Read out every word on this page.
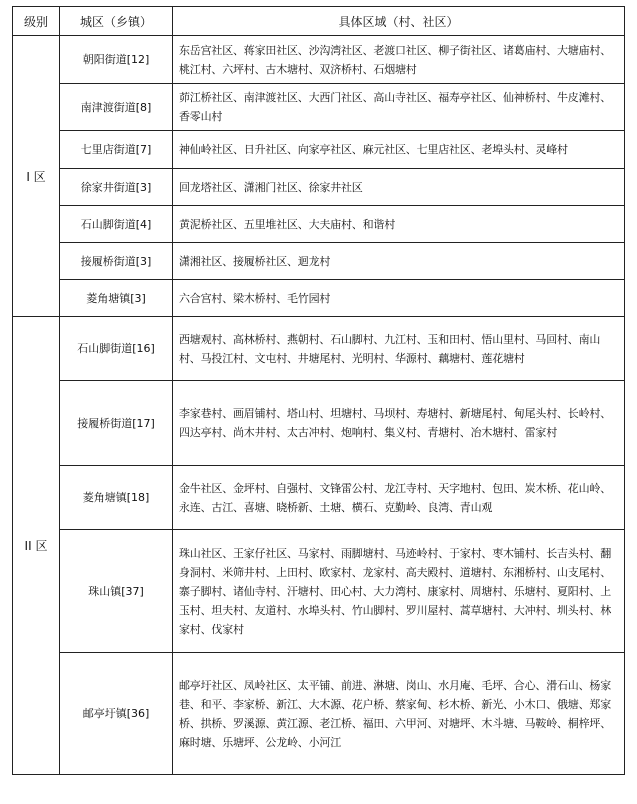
级别	城区（乡镇）	具体区域（村、社区）
I 区	朝阳街道[12]	东岳宫社区、蒋家田社区、沙沟湾社区、老渡口社区、柳子街社区、诸葛庙村、大塘庙村、桃江村、六坪村、古木塘村、双济桥村、石烟塘村
	南津渡街道[8]	茆江桥社区、南津渡社区、大西门社区、高山寺社区、福寿亭社区、仙神桥村、牛皮滩村、香零山村
	七里店街道[7]	神仙岭社区、日升社区、向家亭社区、麻元社区、七里店社区、老埠头村、灵峰村
	徐家井街道[3]	回龙塔社区、潇湘门社区、徐家井社区
	石山脚街道[4]	黄泥桥社区、五里堆社区、大夫庙村、和谐村
	接履桥街道[3]	潇湘社区、接履桥社区、迴龙村
	菱角塘镇[3]	六合宫村、梁木桥村、毛竹园村
II 区	石山脚街道[16]	西塘观村、高林桥村、燕朝村、石山脚村、九江村、玉和田村、悟山里村、马回村、南山村、马投江村、文屯村、井塘尾村、光明村、华源村、藕塘村、莲花塘村
	接履桥街道[17]	李家巷村、画眉铺村、塔山村、坦塘村、马坝村、寿塘村、新塘尾村、甸尾头村、长岭村、四达亭村、尚木井村、太古冲村、炮响村、集义村、青塘村、冶木塘村、雷家村
	菱角塘镇[18]	金牛社区、金坪村、自强村、文锋雷公村、龙江寺村、天字地村、包田、炭木桥、花山岭、永连、古江、喜塘、晓桥新、土塘、横石、克勤岭、良湾、青山观
	珠山镇[37]	珠山社区、王家仔社区、马家村、雨脚塘村、马迹岭村、于家村、枣木铺村、长吉头村、翻身洞村、米筛井村、上田村、欧家村、龙家村、高夫殿村、道塘村、东湘桥村、山支尾村、寨子脚村、诸仙寺村、汗塘村、田心村、大力湾村、康家村、周塘村、乐塘村、夏阳村、上玉村、坦夫村、友道村、水埠头村、竹山脚村、罗川屋村、蒿草塘村、大冲村、圳头村、林家村、伐家村
	邮亭圩镇[36]	邮亭圩社区、凤岭社区、太平铺、前进、淋塘、岗山、水月庵、毛坪、合心、滑石山、杨家巷、和平、李家桥、新江、大木源、花户桥、蔡家甸、杉木桥、新光、小木口、俄塘、郑家桥、拱桥、罗溪源、黄江源、老江桥、福田、六甲河、对塘坪、木斗塘、马鞍岭、桐梓坪、麻时塘、乐塘坪、公龙岭、小河江
